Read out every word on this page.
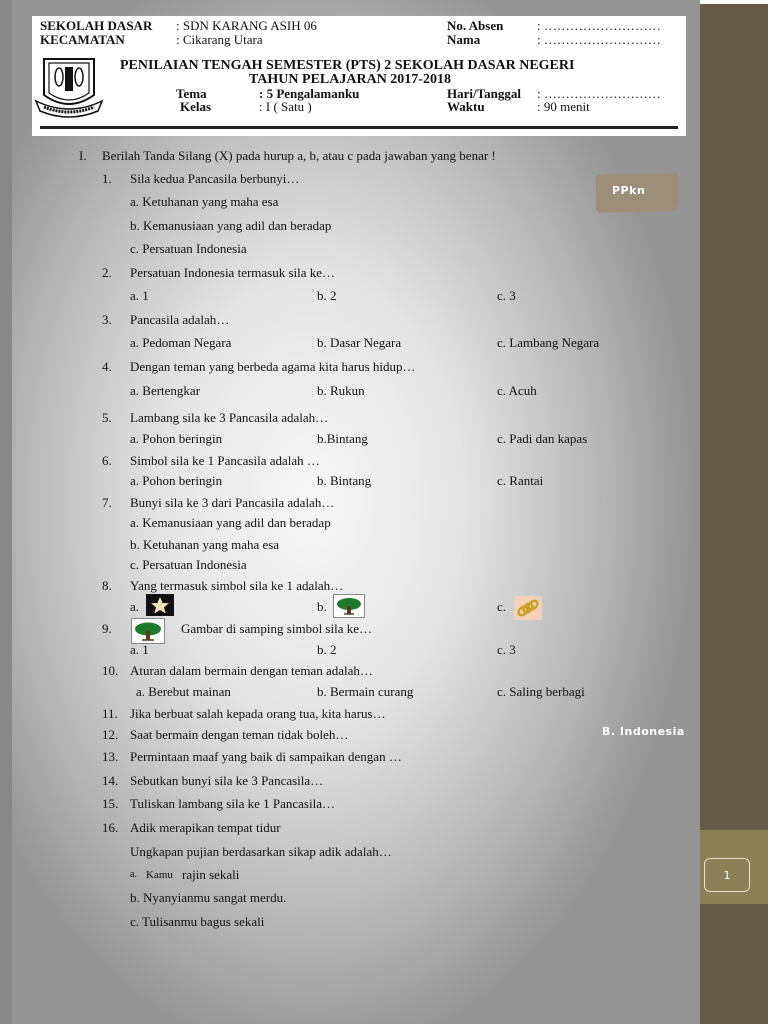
1
SEKOLAH DASAR : SDN KARANG ASIH 06
KECAMATAN	: Cikarang Utara
No. Absen	: ………………………
Nama	: ………………………
PENILAIAN TENGAH SEMESTER (PTS) 2 SEKOLAH DASAR NEGERI
TAHUN PELAJARAN 2017-2018
Tema	: 5 Pengalamanku
Kelas	: I ( Satu )
Hari/Tanggal : ………………………
Waktu	: 90 menit
PPkn
B. Indonesia
I. Berilah Tanda Silang (X) pada hurup a, b, atau c pada jawaban yang benar !
1. Sila kedua Pancasila berbunyi…
a. Ketuhanan yang maha esa
b. Kemanusiaan yang adil dan beradap
c. Persatuan Indonesia
2. Persatuan Indonesia termasuk sila ke…
a. 1	b. 2	c. 3
3. Pancasila adalah…
a. Pedoman Negara	b. Dasar Negara	c. Lambang Negara
4. Dengan teman yang berbeda agama kita harus hidup…
a. Bertengkar	b. Rukun	c. Acuh
5. Lambang sila ke 3 Pancasila adalah…
a. Pohon beringin	b.Bintang	c. Padi dan kapas
6. Simbol sila ke 1 Pancasila adalah …
a. Pohon beringin	b. Bintang	c. Rantai
7. Bunyi sila ke 3 dari Pancasila adalah…
a. Kemanusiaan yang adil dan beradap
b. Ketuhanan yang maha esa
c. Persatuan Indonesia
8. Yang termasuk simbol sila ke 1 adalah…
a.	b.	c.
9.	Gambar di samping simbol sila ke…
a. 1	b. 2	c. 3
10. Aturan dalam bermain dengan teman adalah…
a. Berebut mainan	b. Bermain curang	c. Saling berbagi
11. Jika berbuat salah kepada orang tua, kita harus…
12. Saat bermain dengan teman tidak boleh…
13. Permintaan maaf yang baik di sampaikan dengan …
14. Sebutkan bunyi sila ke 3 Pancasila…
15. Tuliskan lambang sila ke 1 Pancasila…
16. Adik merapikan tempat tidur
Ungkapan pujian berdasarkan sikap adik adalah…
a. Kamu rajin sekali
b. Nyanyianmu sangat merdu.
c. Tulisanmu bagus sekali
